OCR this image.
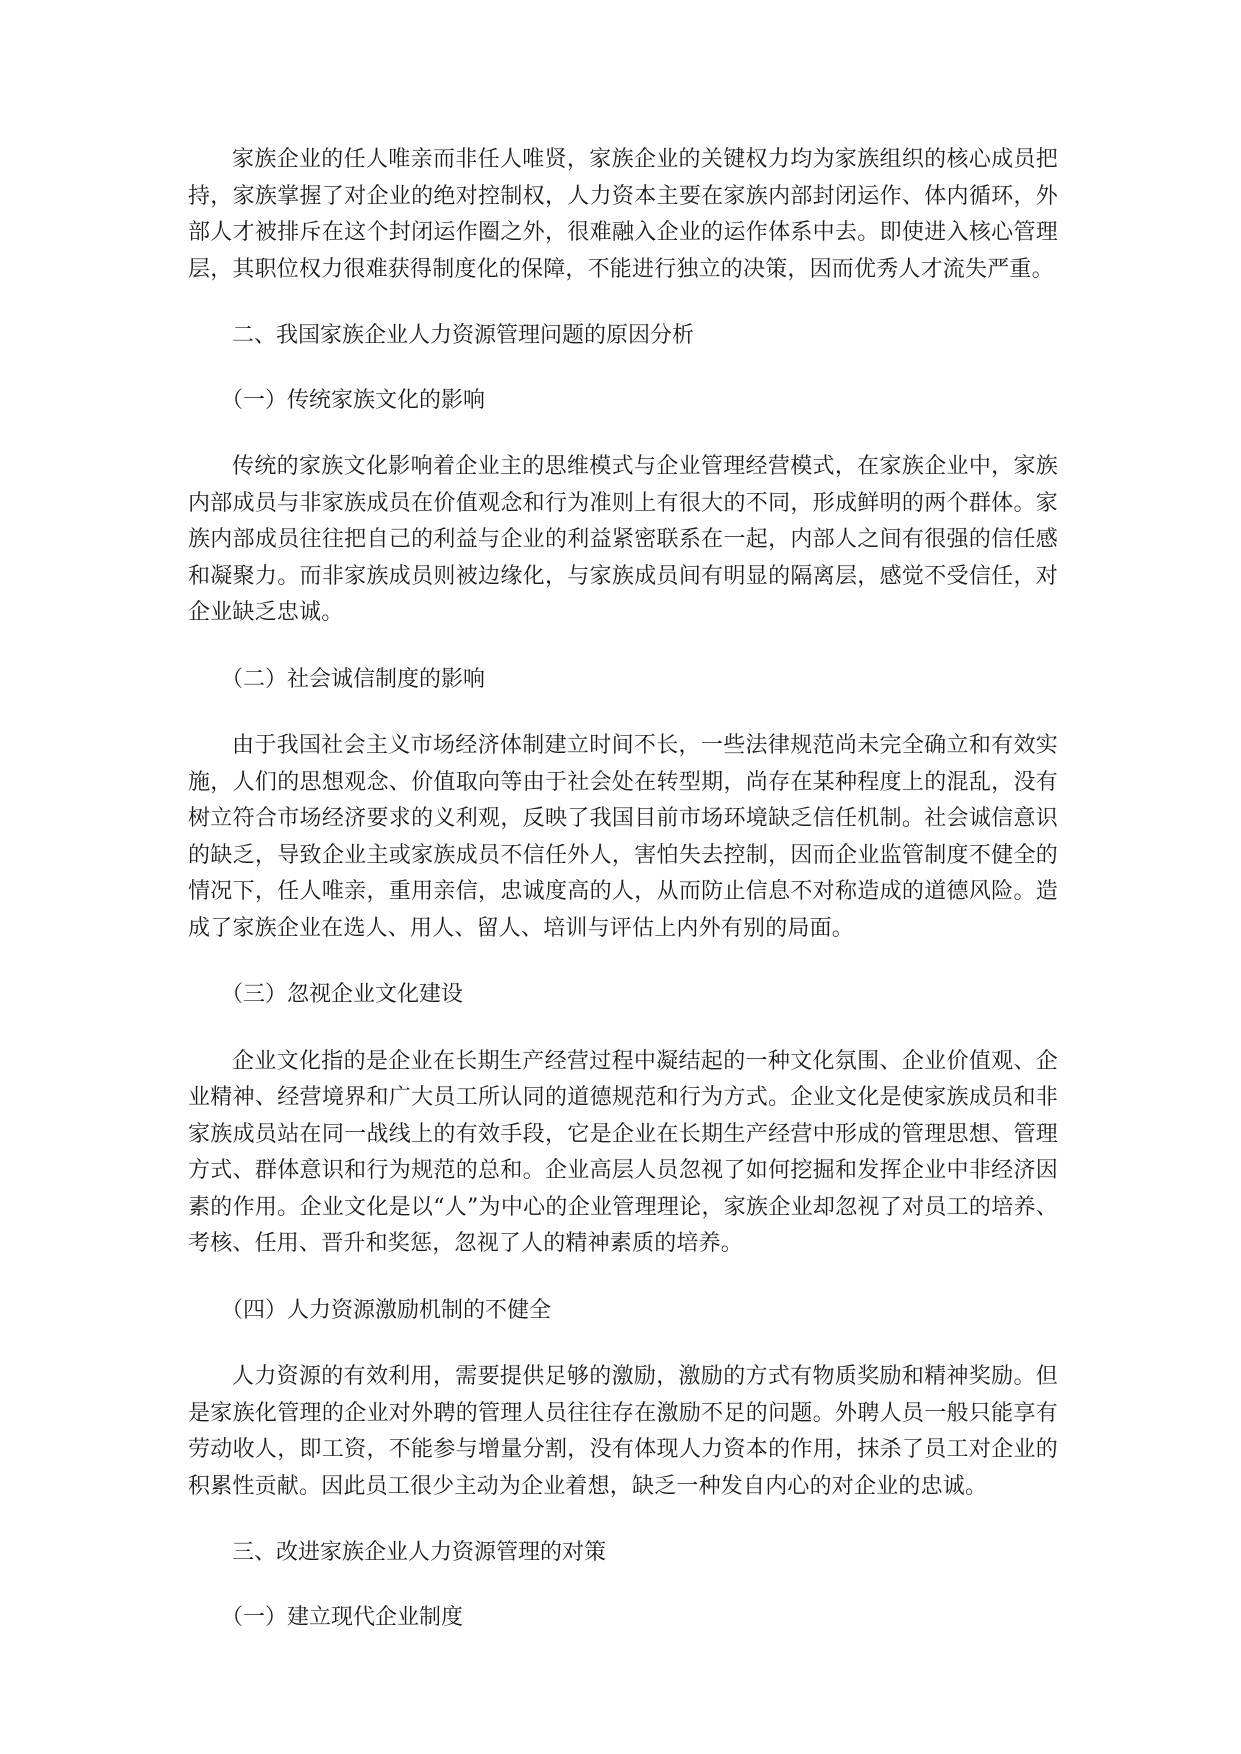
家族企业的任人唯亲而非任人唯贤，家族企业的关键权力均为家族组织的核心成员把持，家族掌握了对企业的绝对控制权，人力资本主要在家族内部封闭运作、体内循环，外部人才被排斥在这个封闭运作圈之外，很难融入企业的运作体系中去。即使进入核心管理层，其职位权力很难获得制度化的保障，不能进行独立的决策，因而优秀人才流失严重。

二、我国家族企业人力资源管理问题的原因分析

（一）传统家族文化的影响

传统的家族文化影响着企业主的思维模式与企业管理经营模式，在家族企业中，家族内部成员与非家族成员在价值观念和行为准则上有很大的不同，形成鲜明的两个群体。家族内部成员往往把自己的利益与企业的利益紧密联系在一起，内部人之间有很强的信任感和凝聚力。而非家族成员则被边缘化，与家族成员间有明显的隔离层，感觉不受信任，对企业缺乏忠诚。

（二）社会诚信制度的影响

由于我国社会主义市场经济体制建立时间不长，一些法律规范尚未完全确立和有效实施，人们的思想观念、价值取向等由于社会处在转型期，尚存在某种程度上的混乱，没有树立符合市场经济要求的义利观，反映了我国目前市场环境缺乏信任机制。社会诚信意识的缺乏，导致企业主或家族成员不信任外人，害怕失去控制，因而企业监管制度不健全的情况下，任人唯亲，重用亲信，忠诚度高的人，从而防止信息不对称造成的道德风险。造成了家族企业在选人、用人、留人、培训与评估上内外有别的局面。

（三）忽视企业文化建设

企业文化指的是企业在长期生产经营过程中凝结起的一种文化氛围、企业价值观、企业精神、经营境界和广大员工所认同的道德规范和行为方式。企业文化是使家族成员和非家族成员站在同一战线上的有效手段，它是企业在长期生产经营中形成的管理思想、管理方式、群体意识和行为规范的总和。企业高层人员忽视了如何挖掘和发挥企业中非经济因素的作用。企业文化是以“人”为中心的企业管理理论，家族企业却忽视了对员工的培养、考核、任用、晋升和奖惩，忽视了人的精神素质的培养。

（四）人力资源激励机制的不健全

人力资源的有效利用，需要提供足够的激励，激励的方式有物质奖励和精神奖励。但是家族化管理的企业对外聘的管理人员往往存在激励不足的问题。外聘人员一般只能享有劳动收人，即工资，不能参与增量分割，没有体现人力资本的作用，抹杀了员工对企业的积累性贡献。因此员工很少主动为企业着想，缺乏一种发自内心的对企业的忠诚。

三、改进家族企业人力资源管理的对策

（一）建立现代企业制度
